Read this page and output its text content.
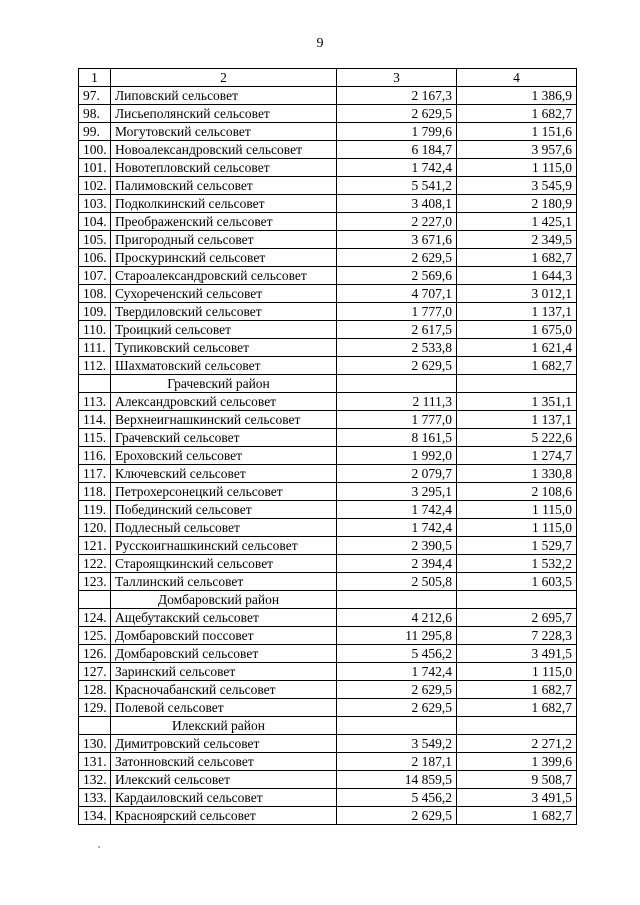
9
1	2	3	4
97.	Липовский сельсовет	2 167,3	1 386,9
98.	Лисьеполянский сельсовет	2 629,5	1 682,7
99.	Могутовский сельсовет	1 799,6	1 151,6
100.	Новоалександровский сельсовет	6 184,7	3 957,6
101.	Новотепловский сельсовет	1 742,4	1 115,0
102.	Палимовский сельсовет	5 541,2	3 545,9
103.	Подколкинский сельсовет	3 408,1	2 180,9
104.	Преображенский сельсовет	2 227,0	1 425,1
105.	Пригородный сельсовет	3 671,6	2 349,5
106.	Проскуринский сельсовет	2 629,5	1 682,7
107.	Староалександровский сельсовет	2 569,6	1 644,3
108.	Сухореченский сельсовет	4 707,1	3 012,1
109.	Твердиловский сельсовет	1 777,0	1 137,1
110.	Троицкий сельсовет	2 617,5	1 675,0
111.	Тупиковский сельсовет	2 533,8	1 621,4
112.	Шахматовский сельсовет	2 629,5	1 682,7
	Грачевский район		
113.	Александровский сельсовет	2 111,3	1 351,1
114.	Верхнеигнашкинский сельсовет	1 777,0	1 137,1
115.	Грачевский сельсовет	8 161,5	5 222,6
116.	Ероховский сельсовет	1 992,0	1 274,7
117.	Ключевский сельсовет	2 079,7	1 330,8
118.	Петрохерсонецкий сельсовет	3 295,1	2 108,6
119.	Побединский сельсовет	1 742,4	1 115,0
120.	Подлесный сельсовет	1 742,4	1 115,0
121.	Русскоигнашкинский сельсовет	2 390,5	1 529,7
122.	Староящкинский сельсовет	2 394,4	1 532,2
123.	Таллинский сельсовет	2 505,8	1 603,5
	Домбаровский район		
124.	Ащебутакский сельсовет	4 212,6	2 695,7
125.	Домбаровский поссовет	11 295,8	7 228,3
126.	Домбаровский сельсовет	5 456,2	3 491,5
127.	Заринский сельсовет	1 742,4	1 115,0
128.	Красночабанский сельсовет	2 629,5	1 682,7
129.	Полевой сельсовет	2 629,5	1 682,7
	Илекский район		
130.	Димитровский сельсовет	3 549,2	2 271,2
131.	Затонновский сельсовет	2 187,1	1 399,6
132.	Илекский сельсовет	14 859,5	9 508,7
133.	Кардаиловский сельсовет	5 456,2	3 491,5
134.	Красноярский сельсовет	2 629,5	1 682,7
